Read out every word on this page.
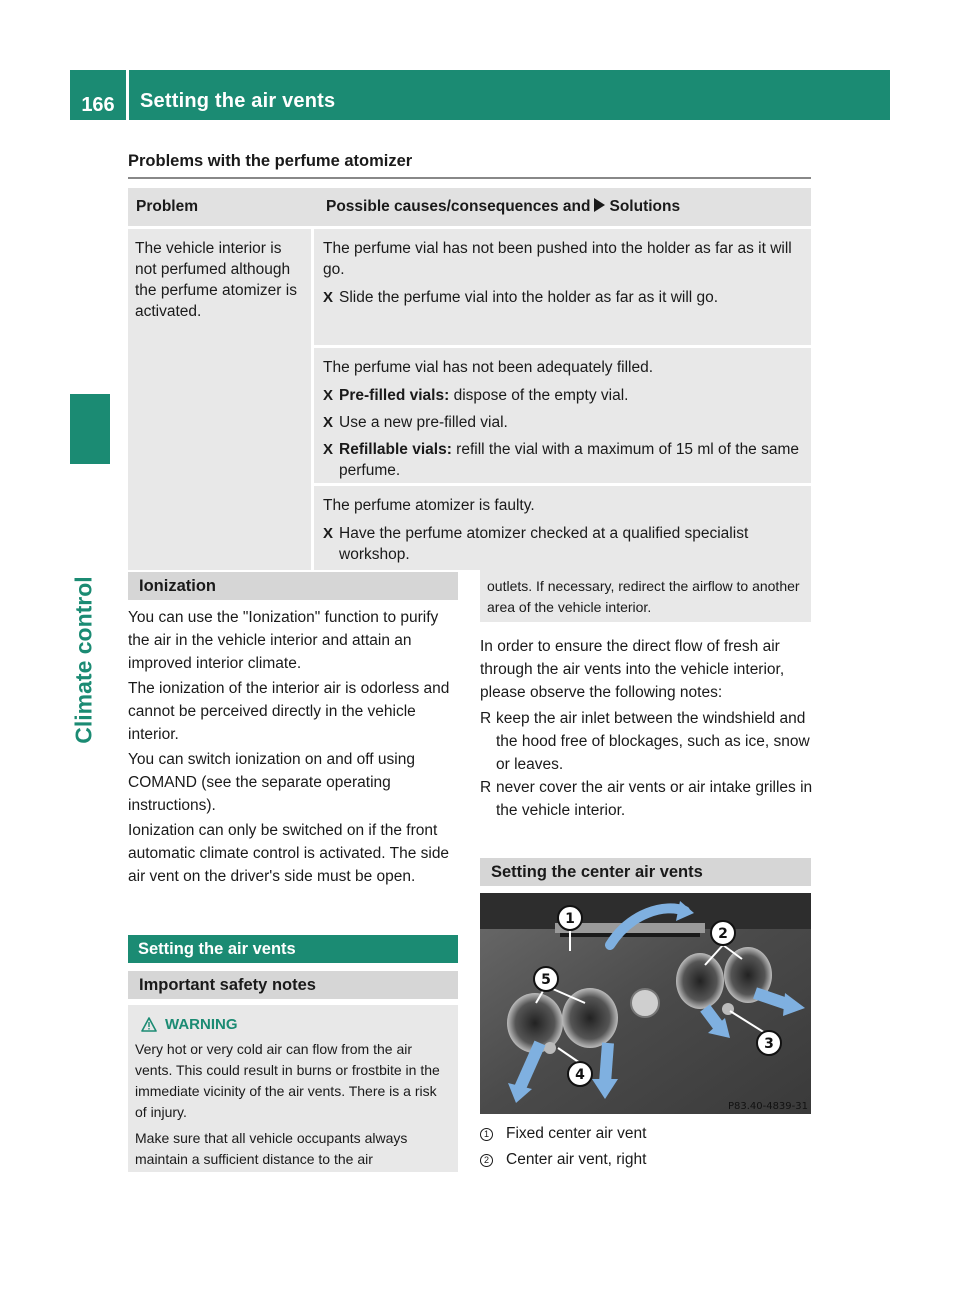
166	Setting the air vents
Climate control
Problems with the perfume atomizer
Problem	Possible causes/consequences and Solutions
The vehicle interior is not perfumed although the perfume atomizer is activated.

The perfume vial has not been pushed into the holder as far as it will go.

X Slide the perfume vial into the holder as far as it will go.

The perfume vial has not been adequately filled.

X Pre-filled vials: dispose of the empty vial.
X Use a new pre-filled vial.
X Refillable vials: refill the vial with a maximum of 15 ml of the same perfume.

The perfume atomizer is faulty.

X Have the perfume atomizer checked at a qualified specialist workshop.
Ionization

You can use the "Ionization" function to purify the air in the vehicle interior and attain an improved interior climate.

The ionization of the interior air is odorless and cannot be perceived directly in the vehicle interior.

You can switch ionization on and off using COMAND (see the separate operating instructions).

Ionization can only be switched on if the front automatic climate control is activated. The side air vent on the driver's side must be open.

Setting the air vents
Important safety notes
WARNING

Very hot or very cold air can flow from the air vents. This could result in burns or frostbite in the immediate vicinity of the air vents. There is a risk of injury.

Make sure that all vehicle occupants always maintain a sufficient distance to the air

outlets. If necessary, redirect the airflow to another area of the vehicle interior.
In order to ensure the direct flow of fresh air through the air vents into the vehicle interior, please observe the following notes:
R keep the air inlet between the windshield and the hood free of blockages, such as ice, snow or leaves.
R never cover the air vents or air intake grilles in the vehicle interior.
Setting the center air vents
1
2
3
4
5
P83.40-4839-31
1	Fixed center air vent
2	Center air vent, right
